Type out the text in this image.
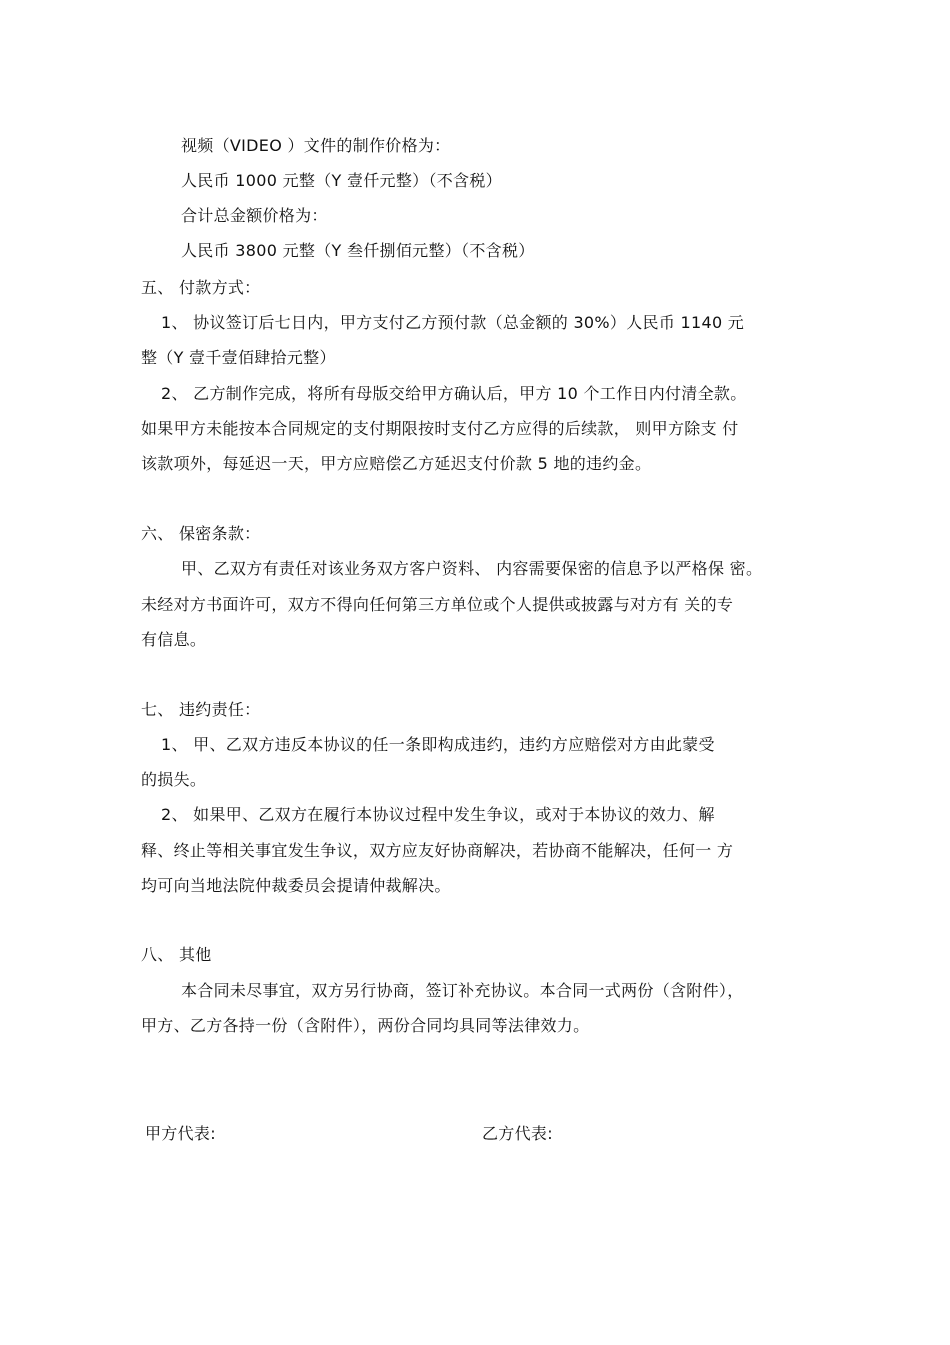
视频（VIDEO ）文件的制作价格为：
人民币 1000 元整（Y 壹仟元整）（不含税）
合计总金额价格为：
人民币 3800 元整（Y 叁仟捌佰元整）（不含税）
五、 付款方式：
1、 协议签订后七日内，甲方支付乙方预付款（总金额的 30%）人民币 1140 元
整（Y 壹千壹佰肆拾元整）
2、 乙方制作完成，将所有母版交给甲方确认后，甲方 10 个工作日内付清全款。
如果甲方未能按本合同规定的支付期限按时支付乙方应得的后续款， 则甲方除支 付
该款项外，每延迟一天，甲方应赔偿乙方延迟支付价款 5 地的违约金。
六、 保密条款：
甲、乙双方有责任对该业务双方客户资料、 内容需要保密的信息予以严格保 密。
未经对方书面许可，双方不得向任何第三方单位或个人提供或披露与对方有 关的专
有信息。
七、 违约责任：
1、 甲、乙双方违反本协议的任一条即构成违约，违约方应赔偿对方由此蒙受
的损失。
2、 如果甲、乙双方在履行本协议过程中发生争议，或对于本协议的效力、解
释、终止等相关事宜发生争议，双方应友好协商解决，若协商不能解决，任何一 方
均可向当地法院仲裁委员会提请仲裁解决。
八、 其他
本合同未尽事宜，双方另行协商，签订补充协议。本合同一式两份（含附件），
甲方、乙方各持一份（含附件），两份合同均具同等法律效力。
甲方代表:	乙方代表:
